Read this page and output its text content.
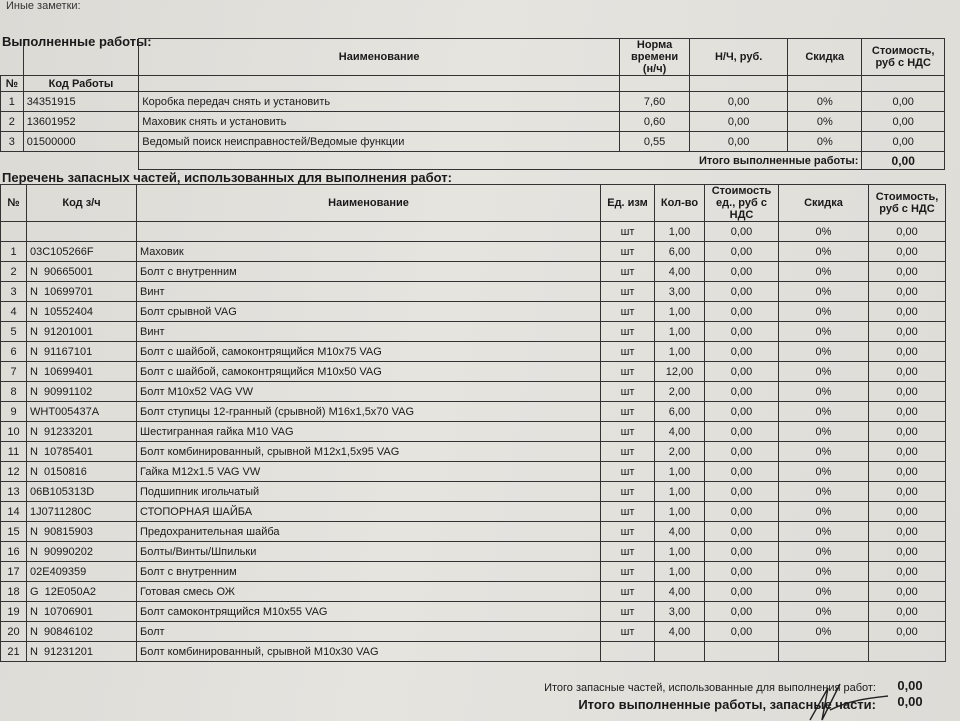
Иные заметки:
Выполненные работы:
		Наименование	Норма времени (н/ч)	Н/Ч, руб.	Скидка	Стоимость, руб с НДС
№	Код Работы					
1	34351915	Коробка передач снять и установить	7,60	0,00	0%	0,00
2	13601952	Маховик снять и установить	0,60	0,00	0%	0,00
3	01500000	Ведомый поиск неисправностей/Ведомые функции	0,55	0,00	0%	0,00
		Итого выполненные работы:				0,00
Перечень запасных частей, использованных для выполнения работ:
№	Код з/ч	Наименование	Ед. изм	Кол-во	Стоимость ед., руб с НДС	Скидка	Стоимость, руб с НДС
			шт	1,00	0,00	0%	0,00
1	03C105266F	Маховик	шт	6,00	0,00	0%	0,00
2	N  90665001	Болт с внутренним	шт	4,00	0,00	0%	0,00
3	N  10699701	Винт	шт	3,00	0,00	0%	0,00
4	N  10552404	Болт срывной VAG	шт	1,00	0,00	0%	0,00
5	N  91201001	Винт	шт	1,00	0,00	0%	0,00
6	N  91167101	Болт с шайбой, самоконтрящийся M10x75 VAG	шт	1,00	0,00	0%	0,00
7	N  10699401	Болт с шайбой, самоконтрящийся M10x50 VAG	шт	12,00	0,00	0%	0,00
8	N  90991102	Болт M10x52 VAG VW	шт	2,00	0,00	0%	0,00
9	WHT005437A	Болт ступицы 12-гранный (срывной) M16x1,5x70 VAG	шт	6,00	0,00	0%	0,00
10	N  91233201	Шестигранная гайка M10 VAG	шт	4,00	0,00	0%	0,00
11	N  10785401	Болт комбинированный, срывной M12x1,5x95 VAG	шт	2,00	0,00	0%	0,00
12	N  0150816	Гайка M12x1.5 VAG VW	шт	1,00	0,00	0%	0,00
13	06B105313D	Подшипник игольчатый	шт	1,00	0,00	0%	0,00
14	1J0711280C	СТОПОРНАЯ ШАЙБА	шт	1,00	0,00	0%	0,00
15	N  90815903	Предохранительная шайба	шт	4,00	0,00	0%	0,00
16	N  90990202	Болты/Винты/Шпильки	шт	1,00	0,00	0%	0,00
17	02E409359	Болт с внутренним	шт	1,00	0,00	0%	0,00
18	G  12E050A2	Готовая смесь ОЖ	шт	4,00	0,00	0%	0,00
19	N  10706901	Болт самоконтрящийся M10x55 VAG	шт	3,00	0,00	0%	0,00
20	N  90846102	Болт	шт	4,00	0,00	0%	0,00
21	N  91231201	Болт комбинированный, срывной M10x30 VAG					
Итого запасные частей, использованные для выполнения работ:	0,00
Итого выполненные работы, запасные части:	0,00
